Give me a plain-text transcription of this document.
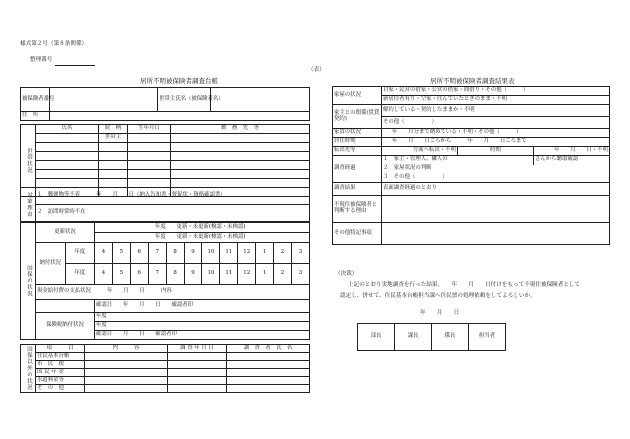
様式第２号（第８条関係）
整理番号
（表）
居所不明被保険者調査台帳
被保険者番号		世帯主氏名（被保険者名）	
住　所			
世帯状況	氏名	続　柄	生年月日	勤　務　先　等
		世帯主		

対象理由	１　郵便物等不着　　　年　　月　　日（納入告知書・督促状・資格確認書）
２　訪問時常時不在
国保の状況	更新状況		年度　　更新・未更新(検認・未検認)											
			年度　　更新・未更新(検認・未検認)											
	納付状況	年度	4	5	6	7	8	9	10	11	12	1	2	3
		年度	4	5	6	7	8	9	10	11	12	1	2	3
	現金給付費の支払状況　　　年　　月　　日　　　内容													
			確認日　　年　　月　　日　　確認者印											
	保険税納付状況		年度											
			年度											
			確認日　　月　　日　　確認者印											
国保以外の状況	項　　　目	内　　　容	調 査 年 月 日	調　査　者　氏　名
	住民基本台帳			
	市　民　税			
	国 民 年 金			
	水道料金等			
	そ　の　他			
居所不明被保険者調査結果表
家屋の状況	自家・民営の借家・公営の借家・間借り・その他（　　　）		
	新居住者有り・空家・住んでいたときのまま・不明		
家主との関係(賃貸契約)	解約している・契約したままか・不明		
	その他（　　　　　）		
家賃の状況	年　　月分まで納めている・不明・その他（　　　）		
居住時期	年　　月　　日ごろから　　　年　　月　　日ごろまで		
転出先等	方面へ転出・不明	時期	年　　月　　日・不明
調査経過	１　家主・管理人、隣人の		さんから聴取確認
	２　家屋状況の判断		
	３　その他（　　　　　）		
調査結果	表面調査経過のとおり		
不現住被保険者と判断する理由			
その他特記事項			
（決裁）
上記のとおり実地調査を行った結果、　　年　　月　　日付けをもって不現住被保険者として
認定し、併せて、住民基本台帳担当課へ住民票の処理依頼をしてよろしいか。
年　　月　　日
部長	課長	係長	担当者
